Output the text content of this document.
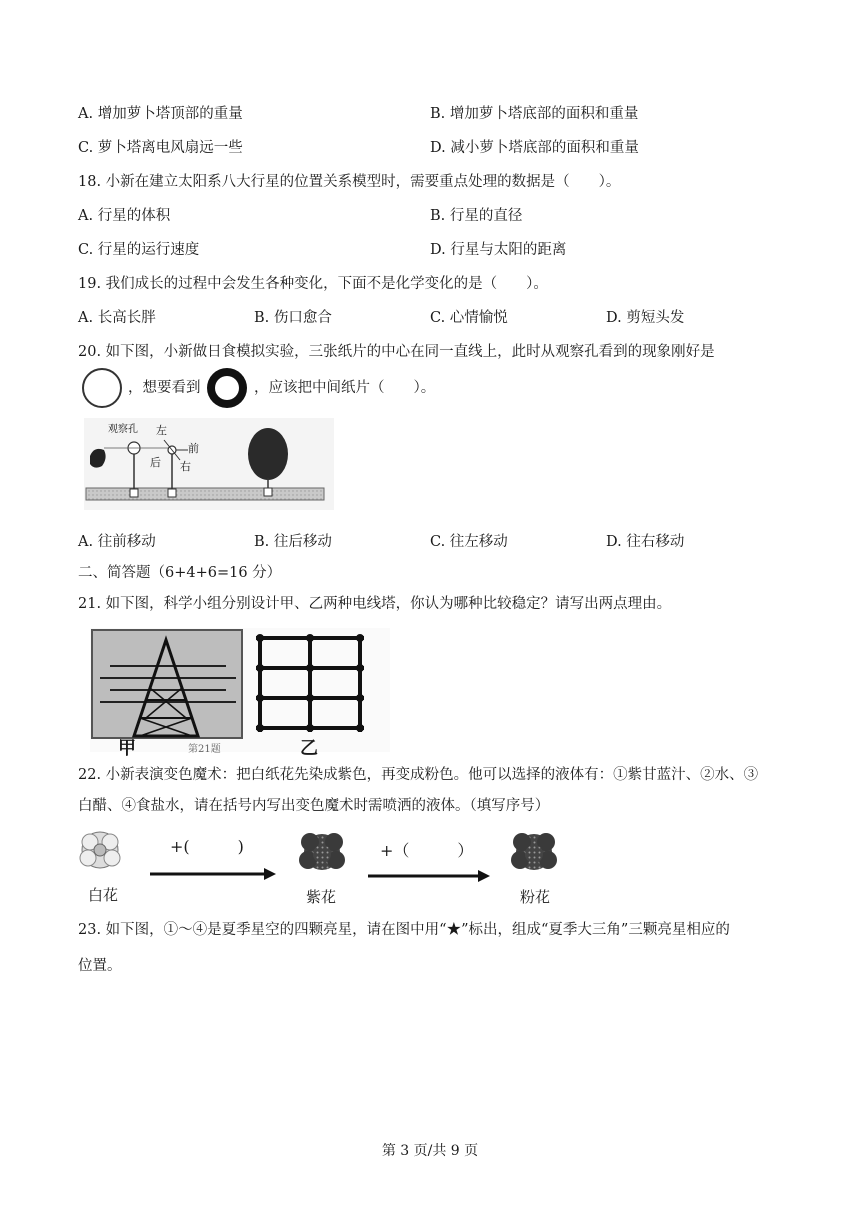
A. 增加萝卜塔顶部的重量	B. 增加萝卜塔底部的面积和重量
C. 萝卜塔离电风扇远一些	D. 减小萝卜塔底部的面积和重量
18. 小新在建立太阳系八大行星的位置关系模型时，需要重点处理的数据是（　　）。
A. 行星的体积	B. 行星的直径
C. 行星的运行速度	D. 行星与太阳的距离
19. 我们成长的过程中会发生各种变化，下面不是化学变化的是（　　）。
A. 长高长胖	B. 伤口愈合	C. 心情愉悦	D. 剪短头发
20. 如下图，小新做日食模拟实验，三张纸片的中心在同一直线上，此时从观察孔看到的现象刚好是
，想要看到	，应该把中间纸片（　　）。
观察孔 左
前
后 右
A. 往前移动	B. 往后移动	C. 往左移动	D. 往右移动
二、简答题（6+4+6=16 分）
21. 如下图，科学小组分别设计甲、乙两种电线塔，你认为哪种比较稳定？请写出两点理由。
甲	第21题	乙
22. 小新表演变色魔术：把白纸花先染成紫色，再变成粉色。他可以选择的液体有：①紫甘蓝汁、②水、③
白醋、④食盐水，请在括号内写出变色魔术时需喷洒的液体。（填写序号）
+(　　　)	+（　　　）
白花	紫花	粉花
23. 如下图，①～④是夏季星空的四颗亮星，请在图中用“★”标出，组成“夏季大三角”三颗亮星相应的
位置。
第 3 页/共 9 页
